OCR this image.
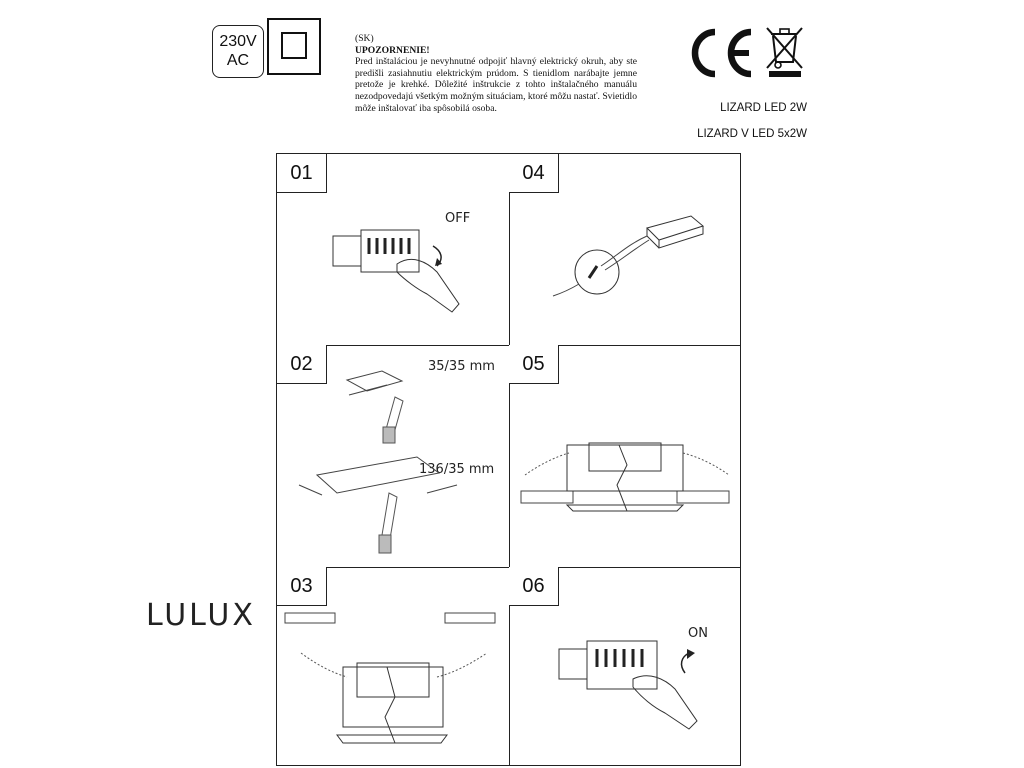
230V
AC
(SK)
UPOZORNENIE!
Pred inštaláciou je nevyhnutné odpojiť hlavný elektrický okruh, aby ste predišli zasiahnutiu elektrickým prúdom. S tienidlom narábajte jemne pretože je krehké. Dôležité inštrukcie z tohto inštalačného manuálu nezodpovedajú všetkým možným situáciam, ktoré môžu nastať. Svietidlo môže inštalovať iba spôsobilá osoba.	LIZARD LED 2W
LIZARD V LED 5x2W
LULUX
01
OFF
04
02	35/35 mm
136/35 mm
05
03	06
ON
